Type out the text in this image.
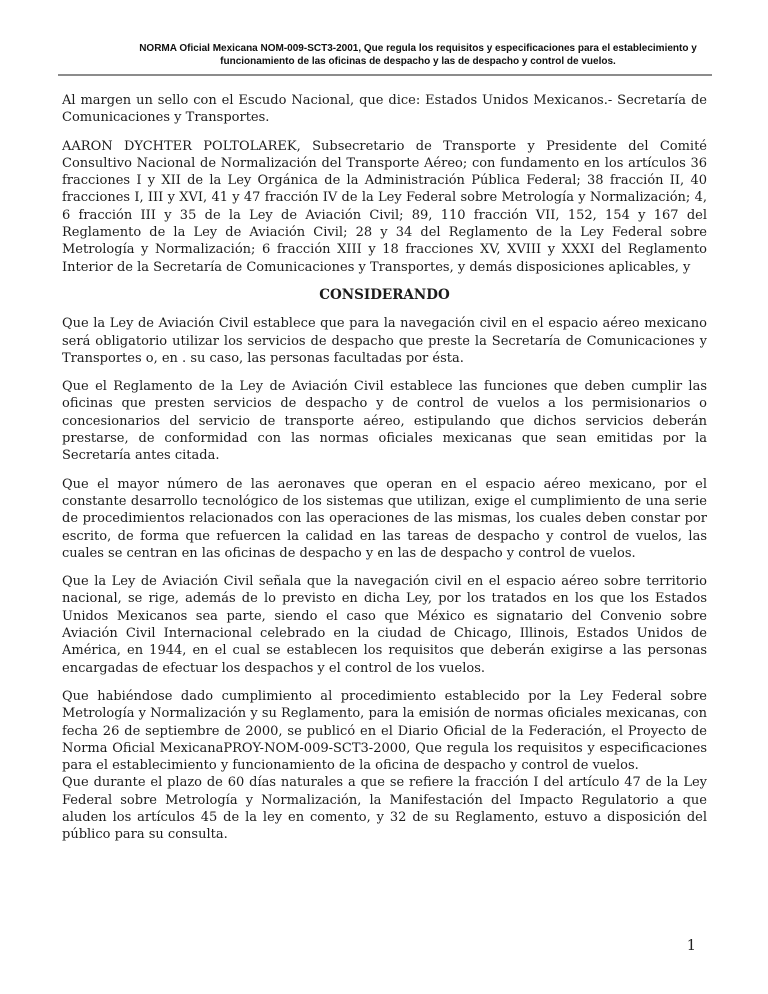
NORMA Oficial Mexicana NOM-009-SCT3-2001, Que regula los requisitos y especificaciones para el establecimiento y
funcionamiento de las oficinas de despacho y las de despacho y control de vuelos.

Al margen un sello con el Escudo Nacional, que dice: Estados Unidos Mexicanos.- Secretaría de Comunicaciones y Transportes.

AARON DYCHTER POLTOLAREK, Subsecretario de Transporte y Presidente del Comité Consultivo Nacional de Normalización del Transporte Aéreo; con fundamento en los artículos 36 fracciones I y XII de la Ley Orgánica de la Administración Pública Federal; 38 fracción II, 40 fracciones I, III y XVI, 41 y 47 fracción IV de la Ley Federal sobre Metrología y Normalización; 4, 6 fracción III y 35 de la Ley de Aviación Civil; 89, 110 fracción VII, 152, 154 y 167 del Reglamento de la Ley de Aviación Civil; 28 y 34 del Reglamento de la Ley Federal sobre Metrología y Normalización; 6 fracción XIII y 18 fracciones XV, XVIII y XXXI del Reglamento Interior de la Secretaría de Comunicaciones y Transportes, y demás disposiciones aplicables, y

CONSIDERANDO

Que la Ley de Aviación Civil establece que para la navegación civil en el espacio aéreo mexicano será obligatorio utilizar los servicios de despacho que preste la Secretaría de Comunicaciones y Transportes o, en . su caso, las personas facultadas por ésta.

Que el Reglamento de la Ley de Aviación Civil establece las funciones que deben cumplir las oficinas que presten servicios de despacho y de control de vuelos a los permisionarios o concesionarios del servicio de transporte aéreo, estipulando que dichos servicios deberán prestarse, de conformidad con las normas oficiales mexicanas que sean emitidas por la Secretaría antes citada.

Que el mayor número de las aeronaves que operan en el espacio aéreo mexicano, por el constante desarrollo tecnológico de los sistemas que utilizan, exige el cumplimiento de una serie de procedimientos relacionados con las operaciones de las mismas, los cuales deben constar por escrito, de forma que refuercen la calidad en las tareas de despacho y control de vuelos, las cuales se centran en las oficinas de despacho y en las de despacho y control de vuelos.

Que la Ley de Aviación Civil señala que la navegación civil en el espacio aéreo sobre territorio nacional, se rige, además de lo previsto en dicha Ley, por los tratados en los que los Estados Unidos Mexicanos sea parte, siendo el caso que México es signatario del Convenio sobre Aviación Civil Internacional celebrado en la ciudad de Chicago, Illinois, Estados Unidos de América, en 1944, en el cual se establecen los requisitos que deberán exigirse a las personas encargadas de efectuar los despachos y el control de los vuelos.

Que habiéndose dado cumplimiento al procedimiento establecido por la Ley Federal sobre Metrología y Normalización y su Reglamento, para la emisión de normas oficiales mexicanas, con fecha 26 de septiembre de 2000, se publicó en el Diario Oficial de la Federación, el Proyecto de Norma Oficial MexicanaPROY-NOM-009-SCT3-2000, Que regula los requisitos y especificaciones para el establecimiento y funcionamiento de la oficina de despacho y control de vuelos.

Que durante el plazo de 60 días naturales a que se refiere la fracción I del artículo 47 de la Ley Federal sobre Metrología y Normalización, la Manifestación del Impacto Regulatorio a que aluden los artículos 45 de la ley en comento, y 32 de su Reglamento, estuvo a disposición del público para su consulta.

1
